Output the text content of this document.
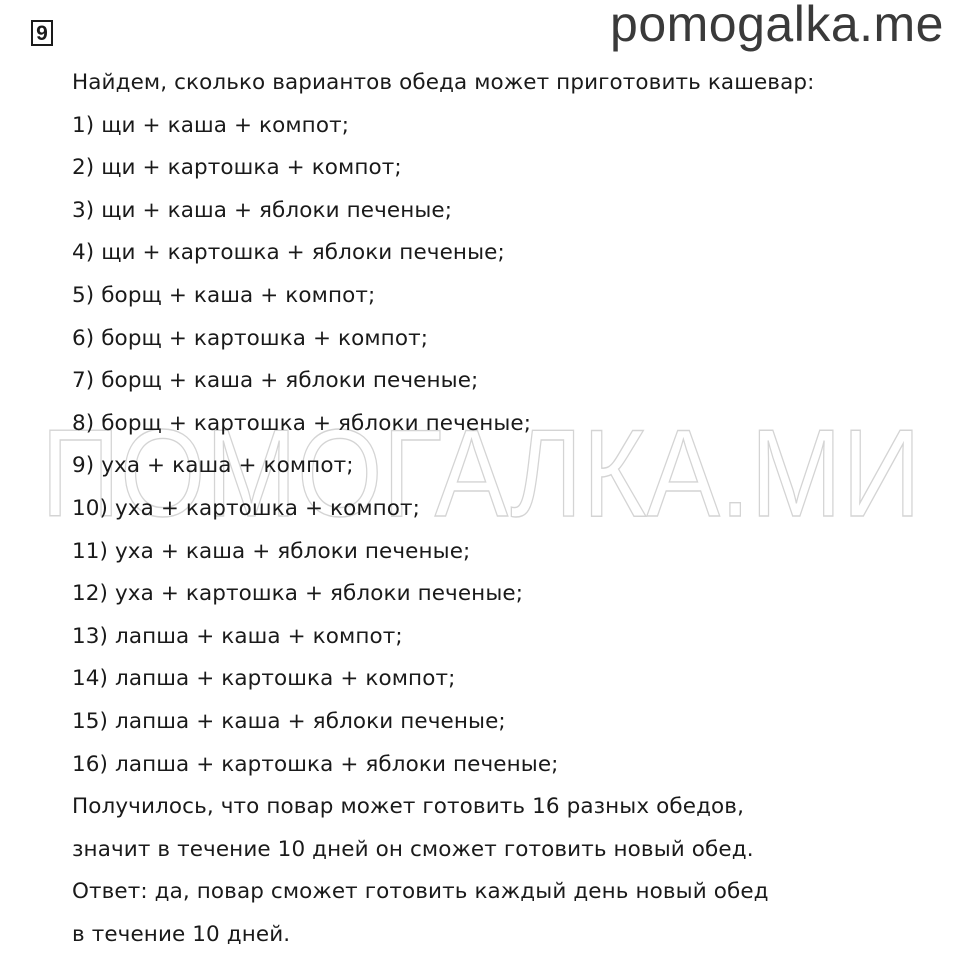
9	pomogalka.me
ПОМОГАЛКА.МИ
Найдем, сколько вариантов обеда может приготовить кашевар:
1) щи + каша + компот;
2) щи + картошка + компот;
3) щи + каша + яблоки печеные;
4) щи + картошка + яблоки печеные;
5) борщ + каша + компот;
6) борщ + картошка + компот;
7) борщ + каша + яблоки печеные;
8) борщ + картошка + яблоки печеные;
9) уха + каша + компот;
10) уха + картошка + компот;
11) уха + каша + яблоки печеные;
12) уха + картошка + яблоки печеные;
13) лапша + каша + компот;
14) лапша + картошка + компот;
15) лапша + каша + яблоки печеные;
16) лапша + картошка + яблоки печеные;
Получилось, что повар может готовить 16 разных обедов,
значит в течение 10 дней он сможет готовить новый обед.
Ответ: да, повар сможет готовить каждый день новый обед
в течение 10 дней.
